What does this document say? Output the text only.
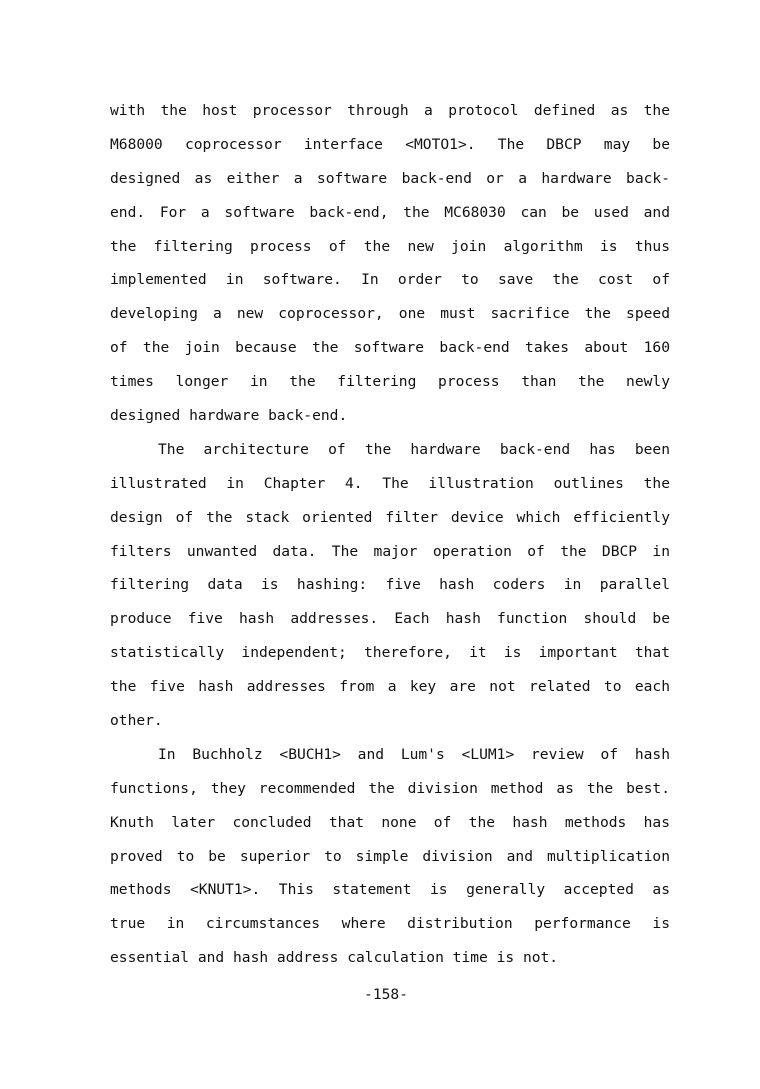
with the host processor through a protocol defined as the
M68000 coprocessor interface <MOTO1>. The DBCP may be
designed as either a software back-end or a hardware back-
end. For a software back-end, the MC68030 can be used and
the filtering process of the new join algorithm is thus
implemented in software. In order to save the cost of
developing a new coprocessor, one must sacrifice the speed
of the join because the software back-end takes about 160
times longer in the filtering process than the newly
designed hardware back-end.
The architecture of the hardware back-end has been
illustrated in Chapter 4. The illustration outlines the
design of the stack oriented filter device which efficiently
filters unwanted data. The major operation of the DBCP in
filtering data is hashing: five hash coders in parallel
produce five hash addresses. Each hash function should be
statistically independent; therefore, it is important that
the five hash addresses from a key are not related to each
other.
In Buchholz <BUCH1> and Lum's <LUM1> review of hash
functions, they recommended the division method as the best.
Knuth later concluded that none of the hash methods has
proved to be superior to simple division and multiplication
methods <KNUT1>. This statement is generally accepted as
true in circumstances where distribution performance is
essential and hash address calculation time is not.
-158-
